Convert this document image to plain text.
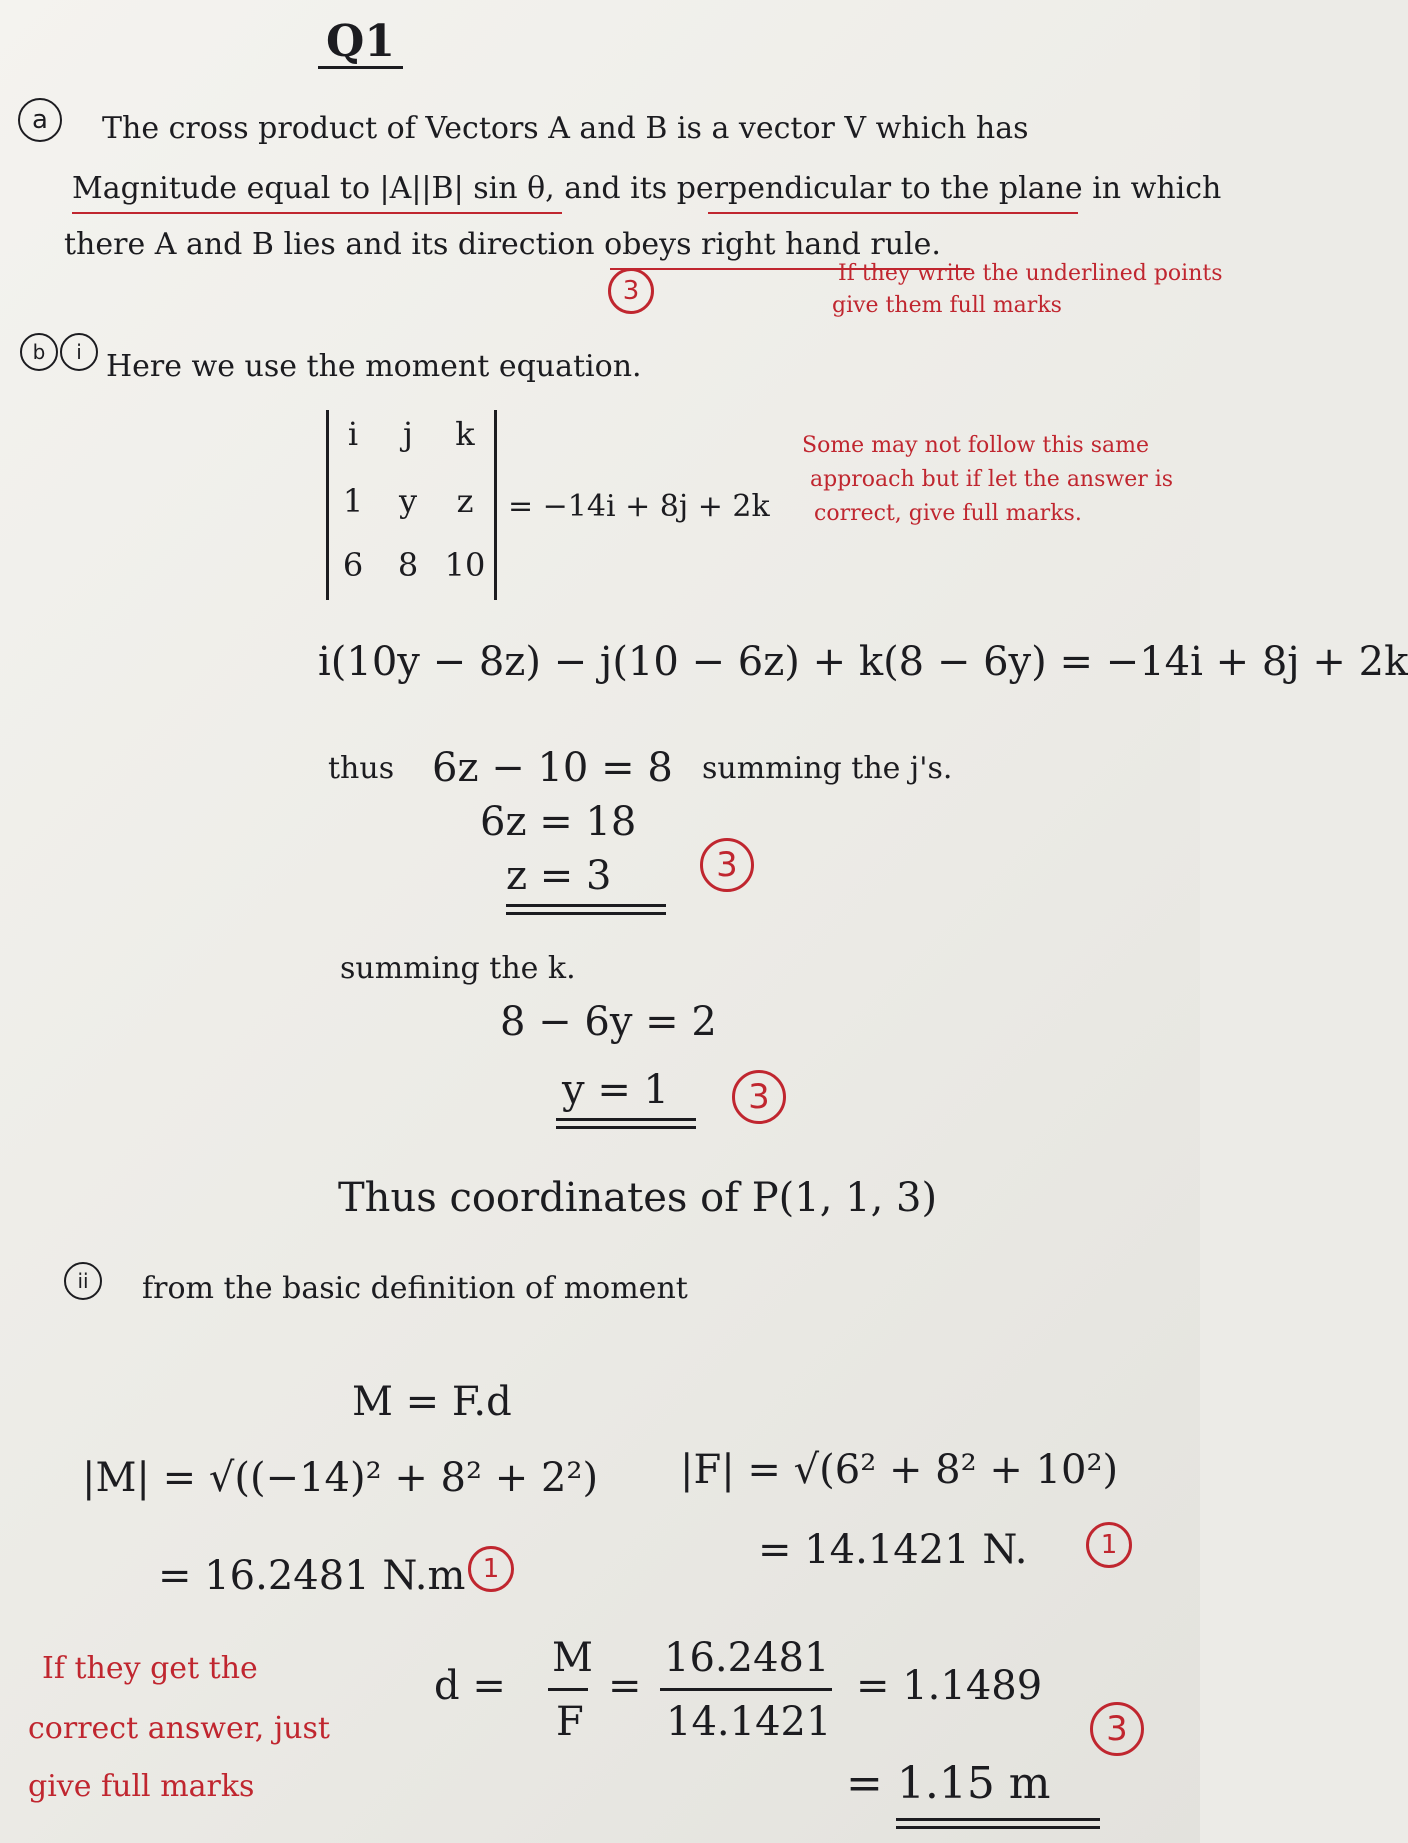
Q1
a	The cross product of Vectors A and B is a vector V which has
Magnitude equal to |A||B| sin θ, and its perpendicular to the plane in which
there A and B lies and its direction obeys right hand rule.
3
If they write the underlined points
give them full marks
b	i Here we use the moment equation.
i	j	k
1	y	z
6	8 10
= −14i + 8j + 2k
Some may not follow this same
approach but if let the answer is
correct, give full marks.
i(10y − 8z) − j(10 − 6z) + k(8 − 6y) = −14i + 8j + 2k
thus 6z − 10 = 8 summing the j's.
6z = 18
z = 3	3
summing the k.
8 − 6y = 2
y = 1	3
Thus coordinates of P(1, 1, 3)
ii	from the basic definition of moment
M = F.d
|M| = √((−14)² + 8² + 2²)
= 16.2481 N.m 1
|F| = √(6² + 8² + 10²)
= 14.1421 N.	1
If they get the
correct answer, just
give full marks
d =
M
F
=
16.2481
14.1421
= 1.1489
3
= 1.15 m
